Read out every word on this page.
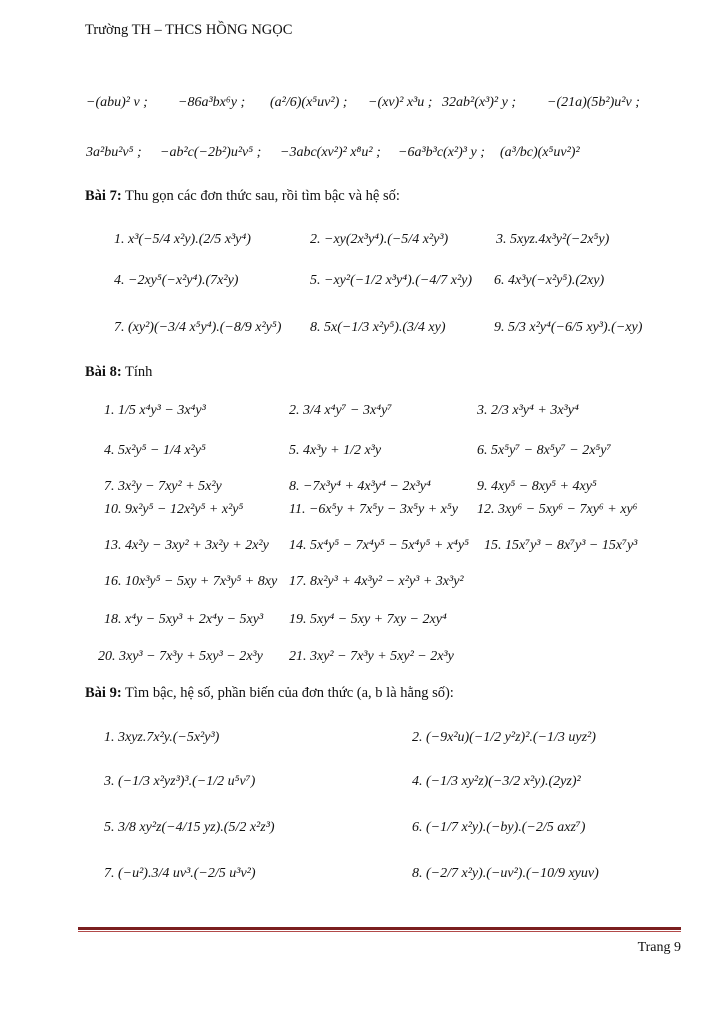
Trường TH – THCS HỒNG NGỌC
−(abu)² v ; −86a³bx⁶y ; (a²/6)(x⁵uv²) ; −(xv)² x³u ; 32ab²(x³)² y ; −(21a)(5b²)u²v ;
3a²bu²v⁵ ; −ab²c(−2b²)u²v⁵ ; −3abc(xv²)² x⁸u² ; −6a³b³c(x²)³ y ; (a³/bc)(x⁵uv²)²
Bài 7: Thu gọn các đơn thức sau, rồi tìm bậc và hệ số:
1. x³(−5/4 x²y).(2/5 x³y⁴)	2. −xy(2x³y⁴).(−5/4 x²y³)	3. 5xyz.4x³y²(−2x⁵y)
4. −2xy⁵(−x²y⁴).(7x²y)	5. −xy²(−1/2 x³y⁴).(−4/7 x²y) 6. 4x³y(−x²y⁵).(2xy)
7. (xy²)(−3/4 x⁵y⁴).(−8/9 x²y⁵) 8. 5x(−1/3 x²y⁵).(3/4 xy)	9. 5/3 x²y⁴(−6/5 xy³).(−xy)
Bài 8: Tính
1. 1/5 x⁴y³ − 3x⁴y³	2. 3/4 x⁴y⁷ − 3x⁴y⁷	3. 2/3 x³y⁴ + 3x³y⁴
4. 5x²y⁵ − 1/4 x²y⁵	5. 4x³y + 1/2 x³y	6. 5x⁵y⁷ − 8x⁵y⁷ − 2x⁵y⁷
7. 3x²y − 7xy² + 5x²y	8. −7x³y⁴ + 4x³y⁴ − 2x³y⁴	9. 4xy⁵ − 8xy⁵ + 4xy⁵
10. 9x²y⁵ − 12x²y⁵ + x²y⁵	11. −6x⁵y + 7x⁵y − 3x⁵y + x⁵y 12. 3xy⁶ − 5xy⁶ − 7xy⁶ + xy⁶
13. 4x²y − 3xy² + 3x²y + 2x²y 14. 5x⁴y⁵ − 7x⁴y⁵ − 5x⁴y⁵ + x⁴y⁵ 15. 15x⁷y³ − 8x⁷y³ − 15x⁷y³
16. 10x³y⁵ − 5xy + 7x³y⁵ + 8xy 17. 8x²y³ + 4x³y² − x²y³ + 3x³y²
18. x⁴y − 5xy³ + 2x⁴y − 5xy³ 19. 5xy⁴ − 5xy + 7xy − 2xy⁴
20. 3xy³ − 7x³y + 5xy³ − 2x³y 21. 3xy² − 7x³y + 5xy² − 2x³y
Bài 9: Tìm bậc, hệ số, phần biến của đơn thức (a, b là hằng số):
1. 3xyz.7x²y.(−5x²y³)	2. (−9x²u)(−1/2 y²z)².(−1/3 uyz²)
3. (−1/3 x²yz³)³.(−1/2 u⁵v⁷)	4. (−1/3 xy²z)(−3/2 x²y).(2yz)²
5. 3/8 xy²z(−4/15 yz).(5/2 x²z³)	6. (−1/7 x²y).(−by).(−2/5 axz⁷)
7. (−u²).3/4 uv³.(−2/5 u³v²)	8. (−2/7 x²y).(−uv²).(−10/9 xyuv)
Trang 9
